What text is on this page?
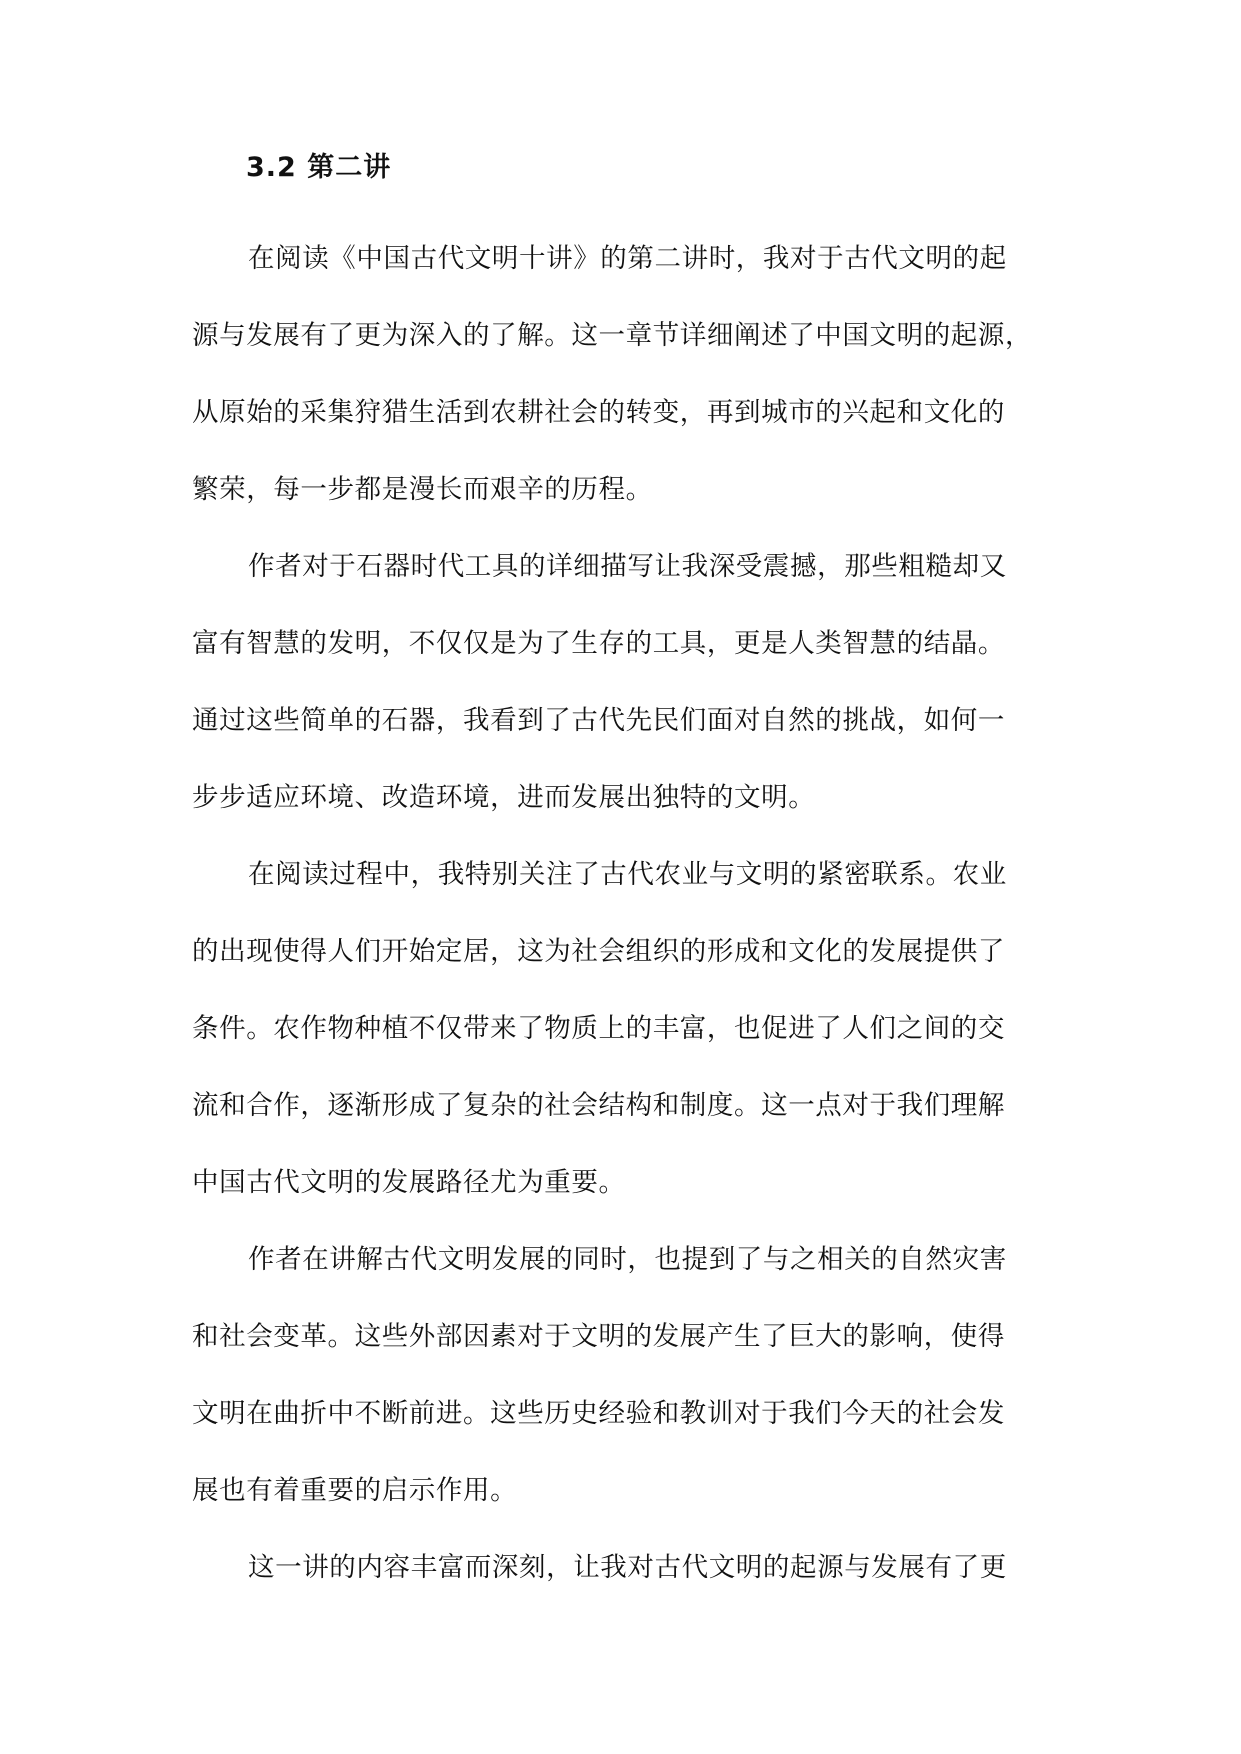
3.2 第二讲

在阅读《中国古代文明十讲》的第二讲时，我对于古代文明的起
源与发展有了更为深入的了解。这一章节详细阐述了中国文明的起源，
从原始的采集狩猎生活到农耕社会的转变，再到城市的兴起和文化的
繁荣，每一步都是漫长而艰辛的历程。

作者对于石器时代工具的详细描写让我深受震撼，那些粗糙却又
富有智慧的发明，不仅仅是为了生存的工具，更是人类智慧的结晶。
通过这些简单的石器，我看到了古代先民们面对自然的挑战，如何一
步步适应环境、改造环境，进而发展出独特的文明。

在阅读过程中，我特别关注了古代农业与文明的紧密联系。农业
的出现使得人们开始定居，这为社会组织的形成和文化的发展提供了
条件。农作物种植不仅带来了物质上的丰富，也促进了人们之间的交
流和合作，逐渐形成了复杂的社会结构和制度。这一点对于我们理解
中国古代文明的发展路径尤为重要。

作者在讲解古代文明发展的同时，也提到了与之相关的自然灾害
和社会变革。这些外部因素对于文明的发展产生了巨大的影响，使得
文明在曲折中不断前进。这些历史经验和教训对于我们今天的社会发
展也有着重要的启示作用。

这一讲的内容丰富而深刻，让我对古代文明的起源与发展有了更
